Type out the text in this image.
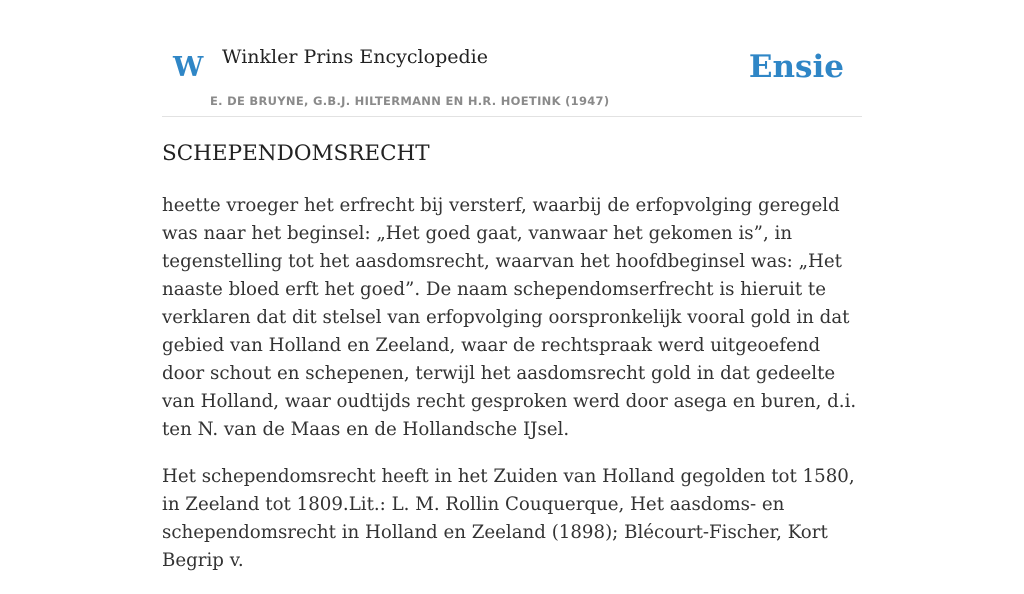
W Winkler Prins Encyclopedie
E. DE BRUYNE, G.B.J. HILTERMANN EN H.R. HOETINK (1947)
Ensie
SCHEPENDOMSRECHT

heette vroeger het erfrecht bij versterf, waarbij de erfopvolging geregeld was naar het beginsel: „Het goed gaat, vanwaar het gekomen is”, in tegenstelling tot het aasdomsrecht, waarvan het hoofdbeginsel was: „Het naaste bloed erft het goed”. De naam schependomserfrecht is hieruit te verklaren dat dit stelsel van erfopvolging oorspronkelijk vooral gold in dat gebied van Holland en Zeeland, waar de rechtspraak werd uitgeoefend door schout en schepenen, terwijl het aasdomsrecht gold in dat gedeelte van Holland, waar oudtijds recht gesproken werd door asega en buren, d.i. ten N. van de Maas en de Hollandsche IJsel.

Het schependomsrecht heeft in het Zuiden van Holland gegolden tot 1580, in Zeeland tot 1809.Lit.: L. M. Rollin Couquerque, Het aasdoms- en schependomsrecht in Holland en Zeeland (1898); Blécourt-Fischer, Kort Begrip v.
